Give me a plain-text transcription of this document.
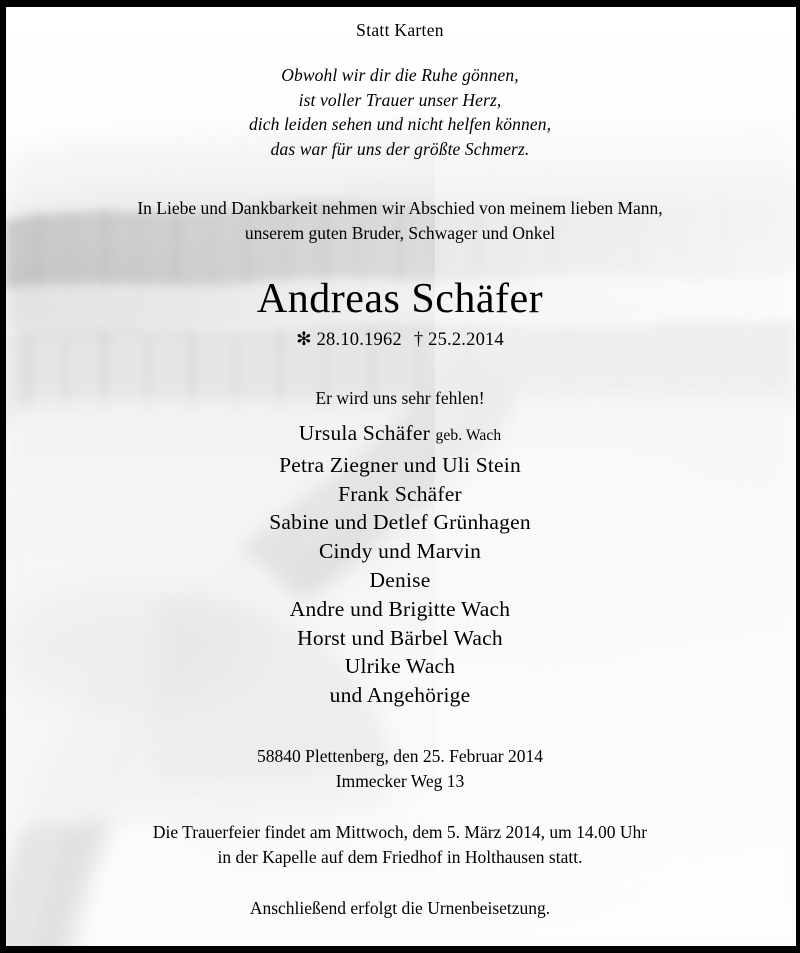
Statt Karten
Obwohl wir dir die Ruhe gönnen,
ist voller Trauer unser Herz,
dich leiden sehen und nicht helfen können,
das war für uns der größte Schmerz.
In Liebe und Dankbarkeit nehmen wir Abschied von meinem lieben Mann,
unserem guten Bruder, Schwager und Onkel
Andreas Schäfer
✻ 28.10.1962 † 25.2.2014
Er wird uns sehr fehlen!
Ursula Schäfer geb. Wach
Petra Ziegner und Uli Stein
Frank Schäfer
Sabine und Detlef Grünhagen
Cindy und Marvin
Denise
Andre und Brigitte Wach
Horst und Bärbel Wach
Ulrike Wach
und Angehörige
58840 Plettenberg, den 25. Februar 2014
Immecker Weg 13
Die Trauerfeier findet am Mittwoch, dem 5. März 2014, um 14.00 Uhr
in der Kapelle auf dem Friedhof in Holthausen statt.
Anschließend erfolgt die Urnenbeisetzung.
